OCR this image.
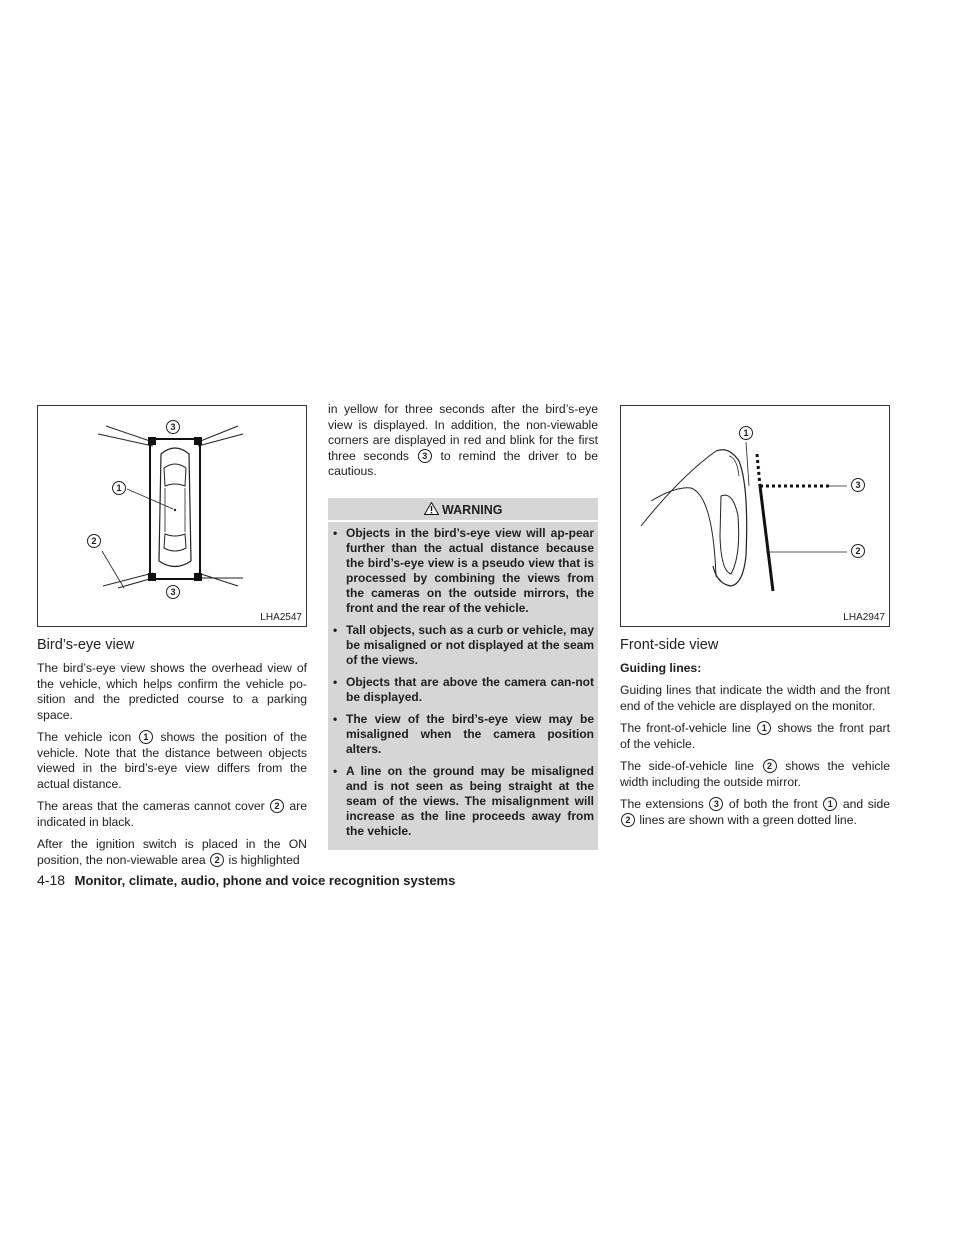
3
1
2
3
LHA2547
Bird’s-eye view

The bird’s-eye view shows the overhead view of the vehicle, which helps confirm the vehicle po-sition and the predicted course to a parking space.

The vehicle icon 1 shows the position of the vehicle. Note that the distance between objects viewed in the bird’s-eye view differs from the actual distance.

The areas that the cameras cannot cover 2 are indicated in black.

After the ignition switch is placed in the ON position, the non-viewable area 2 is highlighted

in yellow for three seconds after the bird’s-eye view is displayed. In addition, the non-viewable corners are displayed in red and blink for the first three seconds 3 to remind the driver to be cautious.

WARNING
• Objects in the bird’s-eye view will ap-pear further than the actual distance because the bird’s-eye view is a pseudo view that is processed by combining the views from the cameras on the outside mirrors, the front and the rear of the vehicle.
• Tall objects, such as a curb or vehicle, may be misaligned or not displayed at the seam of the views.
• Objects that are above the camera can-not be displayed.
• The view of the bird’s-eye view may be misaligned when the camera position alters.
• A line on the ground may be misaligned and is not seen as being straight at the seam of the views. The misalignment will increase as the line proceeds away from the vehicle.
1
3
2
LHA2947
Front-side view
Guiding lines:

Guiding lines that indicate the width and the front end of the vehicle are displayed on the monitor.

The front-of-vehicle line 1 shows the front part of the vehicle.

The side-of-vehicle line 2 shows the vehicle width including the outside mirror.

The extensions 3 of both the front 1 and side 2 lines are shown with a green dotted line.

4-18 Monitor, climate, audio, phone and voice recognition systems
